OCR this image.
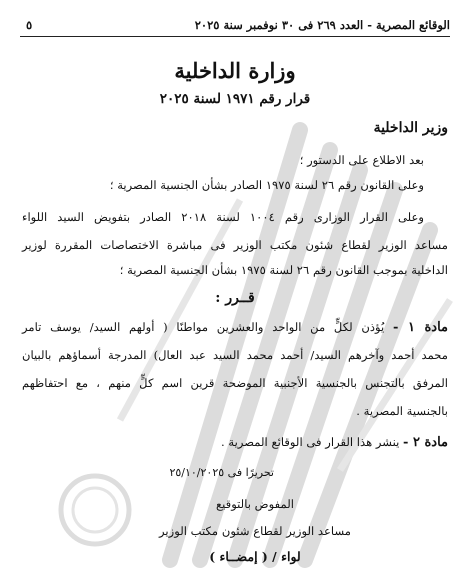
الوقائع المصرية - العدد ٢٦٩ فى ٣٠ نوفمبر سنة ٢٠٢٥
٥
وزارة الداخلية
قرار رقم ١٩٧١ لسنة ٢٠٢٥
وزير الداخلية
بعد الاطلاع على الدستور ؛
وعلى القانون رقم ٢٦ لسنة ١٩٧٥ الصادر بشأن الجنسية المصرية ؛
وعلى القرار الوزارى رقم ١٠٠٤ لسنة ٢٠١٨ الصادر بتفويض السيد اللواء
مساعد الوزير لقطاع شئون مكتب الوزير فى مباشرة الاختصاصات المقررة لوزير
الداخلية بموجب القانون رقم ٢٦ لسنة ١٩٧٥ بشأن الجنسية المصرية ؛
قــرر :
مادة ١ - يُؤذن لكلٍّ من الواحد والعشرين مواطنًا ( أولهم السيد/ يوسف تامر
محمد أحمد وآخرهم السيد/ أحمد محمد السيد عبد العال) المدرجة أسماؤهم بالبيان
المرفق بالتجنس بالجنسية الأجنبية الموضحة قرين اسم كلٍّ منهم ، مع احتفاظهم
بالجنسية المصرية .
مادة ٢ - ينشر هذا القرار فى الوقائع المصرية .
تحريرًا فى ٢٥/١٠/٢٠٢٥
المفوض بالتوقيع
مساعد الوزير لقطاع شئون مكتب الوزير
لواء / ( إمضــاء )
